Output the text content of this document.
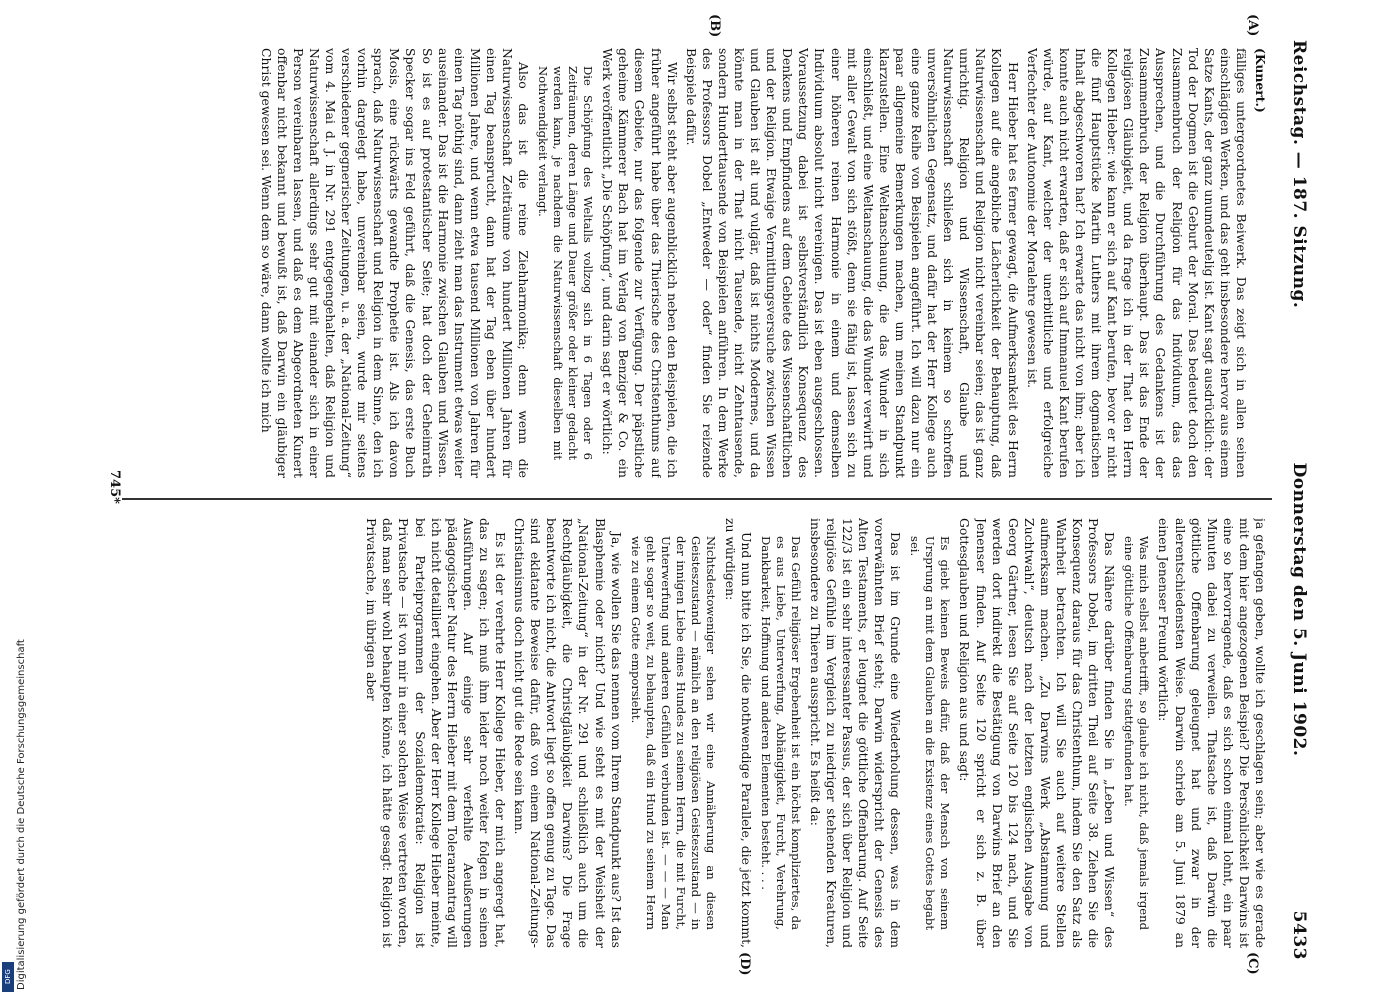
Digitalisierung gefördert durch die Deutsche Forschungsgemeinschaft
DFG
Reichstag. — 187. Sitzung.
Donnerstag den 5. Juni 1902.
5433
(A)
(B)
(C)
(D)

(Kunert.)

fälliges untergeordnetes Beiwerk. Das zeigt sich in allen seinen einschlägigen Werken, und das geht insbesondere hervor aus einem Satze Kants, der ganz unumdeutelig ist. Kant sagt ausdrücklich: der Tod der Dogmen ist die Geburt der Moral. Das bedeutet doch den Zusammenbruch der Religion für das Individuum, das das Aussprechen, und die Durchführung des Gedankens ist der Zusammenbruch der Religion überhaupt. Das ist das Ende der religiösen Gläubigkeit, und da frage ich in der That den Herrn Kollegen Hieber: wie kann er sich auf Kant berufen, bevor er nicht die fünf Hauptstücke Martin Luthers mit ihrem dogmatischen Inhalt abgeschworen hat? Ich erwarte das nicht von ihm; aber ich konnte auch nicht erwarten, daß er sich auf Immanuel Kant berufen würde, auf Kant, welcher der unerbittliche und erfolgreiche Verfechter der Autonomie der Moralehre gewesen ist.

Herr Hieber hat es ferner gewagt, die Aufmerksamkeit des Herrn Kollegen auf die angebliche Lächerlichkeit der Behauptung, daß Naturwissenschaft und Religion nicht vereinbar seien; das ist ganz unrichtig. Religion und Wissenschaft, Glaube und Naturwissenschaft schließen sich in keinem so schroffen unversöhnlichen Gegensatz, und dafür hat der Herr Kollege auch eine ganze Reihe von Beispielen angeführt. Ich will dazu nur ein paar allgemeine Bemerkungen machen, um meinen Standpunkt klarzustellen. Eine Weltanschauung, die das Wunder in sich einschließt, und eine Weltanschauung, die das Wunder verwirft und mit aller Gewalt von sich stößt, denn sie fähig ist, lassen sich zu einer höheren reinen Harmonie in einem und demselben Individuum absolut nicht vereinigen. Das ist eben ausgeschlossen. Voraussetzung dabei ist selbstverständlich Konsequenz des Denkens und Empfindens auf dem Gebiete des Wissenschaftlichen und der Religion. Etwaige Vermittlungsversuche zwischen Wissen und Glauben ist alt und vulgär, daß ist nichts Modernes, und da könnte man in der That nicht Tausende, nicht Zehntausende, sondern Hunderttausende von Beispielen anführen. In dem Werke des Professors Dobel „Entweder — oder“ finden Sie reizende Beispiele dafür.

Wir selbst steht aber augenblicklich neben den Beispielen, die ich früher angeführt habe über das Thierische des Christenthums auf diesem Gebiete, nur das folgende zur Verfügung. Der päpstliche geheime Kämmerer Bach hat im Verlag von Benziger & Co. ein Werk veröffentlicht „Die Schöpfung“, und darin sagt er wörtlich:

Die Schöpfung des Weltalls vollzog sich in 6 Tagen oder 6 Zeiträumen, deren Länge und Dauer größer oder kleiner gedacht werden kann, je nachdem die Naturwissenschaft dieselben mit Nothwendigkeit verlangt.

Also das ist die reine Ziehharmonika; denn wenn die Naturwissenschaft Zeiträume von hundert Millionen Jahren für einen Tag beansprucht, dann hat der Tag eben über hundert Millionen Jahre, und wenn etwa tausend Millionen von Jahren für einen Tag nöthig sind, dann zieht man das Instrument etwas weiter auseinander. Das ist die Harmonie zwischen Glauben und Wissen. So ist es auf protestantischer Seite; hat doch der Geheimrath Specker sogar ins Feld geführt, daß die Genesis, das erste Buch Mosis, eine rückwärts gewandte Prophetie ist. Als ich davon sprach, daß Naturwissenschaft und Religion in dem Sinne, den ich vorhin dargelegt habe, unvereinbar seien, wurde mir seitens verschiedener gegnerischer Zeitungen, u. a. der „National-Zeitung“ vom 4. Mai d. J. in Nr. 291 entgegengehalten, daß Religion und Naturwissenschaft allerdings sehr gut mit einander sich in einer Person vereinbaren lassen, und daß es dem Abgeordneten Kunert offenbar nicht bekannt und bewußt ist, daß Darwin ein gläubiger Christ gewesen sei. Wenn dem so wäre, dann wollte ich mich

ja gefangen geben, wollte ich geschlagen sein; aber wie es gerade mit dem hier angezogenen Beispiel? Die Persönlichkeit Darwins ist eine so hervorragende, daß es sich schon einmal lohnt, ein paar Minuten dabei zu verweilen. Thatsache ist, daß Darwin die göttliche Offenbarung geleugnet hat und zwar in der allerentschiedensten Weise. Darwin schrieb am 5. Juni 1879 an einen Jenenser Freund wörtlich:

Was mich selbst anbetrifft, so glaube ich nicht, daß jemals irgend eine göttliche Offenbarung stattgefunden hat.

Das Nähere darüber finden Sie in „Leben und Wissen“ des Professors Dobel, im dritten Theil auf Seite 38. Ziehen Sie die Konsequenz daraus für das Christenthum, indem Sie den Satz als Wahrheit betrachten. Ich will Sie auch auf weitere Stellen aufmerksam machen. „Zu Darwins Werk „Abstammung und Zuchtwahl“, deutsch nach der letzten englischen Ausgabe von Georg Gärtner, lesen Sie auf Seite 120 bis 124 nach, und Sie werden dort indirekt die Bestätigung von Darwins Brief an den Jenenser finden. Auf Seite 120 spricht er sich z. B. über Gottesglauben und Religion aus und sagt:

Es giebt keinen Beweis dafür, daß der Mensch von seinem Ursprung an mit dem Glauben an die Existenz eines Gottes begabt sei.

Das ist im Grunde eine Wiederholung dessen, was in dem vorerwähnten Brief steht; Darwin widerspricht der Genesis des Alten Testaments, er leugnet die göttliche Offenbarung. Auf Seite 122/3 ist ein sehr interessanter Passus, der sich über Religion und religiöse Gefühle im Vergleich zu niedriger stehenden Kreaturen, insbesondere zu Thieren ausspricht. Es heißt da:

Das Gefühl religiöser Ergebenheit ist ein höchst kompliziertes, da es aus Liebe, Unterwerfung, Abhängigkeit, Furcht, Verehrung, Dankbarkeit, Hoffnung und anderen Elementen besteht. . . .

Und nun bitte ich Sie, die nothwendige Parallele, die jetzt kommt, zu würdigen:

Nichtsdestoweniger sehen wir eine Annäherung an diesen Geisteszustand — nämlich an den religiösen Geisteszustand — in der innigen Liebe eines Hundes zu seinem Herrn, die mit Furcht, Unterwerfung und anderen Gefühlen verbunden ist. — — — Man geht sogar so weit, zu behaupten, daß ein Hund zu seinem Herrn wie zu einem Gotte emporsieht.

Ja, wie wollen Sie das nennen vom Ihrem Standpunkt aus? Ist das Blasphemie oder nicht? Und wie steht es mit der Weisheit der „National-Zeitung“ in der Nr. 291 und schließlich auch um die Rechtgläubigkeit, die Christgläubigkeit Darwins? Die Frage beantworte ich nicht, die Antwort liegt so offen genug zu Tage. Das sind eklatante Beweise dafür, daß von einem National-Zeitungs-Christianismus doch nicht gut die Rede sein kann.

Es ist der verehrte Herr Kollege Hieber, der mich angeregt hat, das zu sagen; ich muß ihm leider noch weiter folgen in seinen Ausführungen. Auf einige sehr verfehlte Aeußerungen pädagogischer Natur des Herrn Hieber mit dem Toleranzantrag will ich nicht detailliert eingehen. Aber der Herr Kollege Hieber meinte, bei Parteiprogrammen der Sozialdemokratie: Religion ist Privatsache — ist von mir in einer solchen Weise vertreten worden, daß man sehr wohl behaupten könne, ich hätte gesagt: Religion ist Privatsache, im übrigen aber

745*
